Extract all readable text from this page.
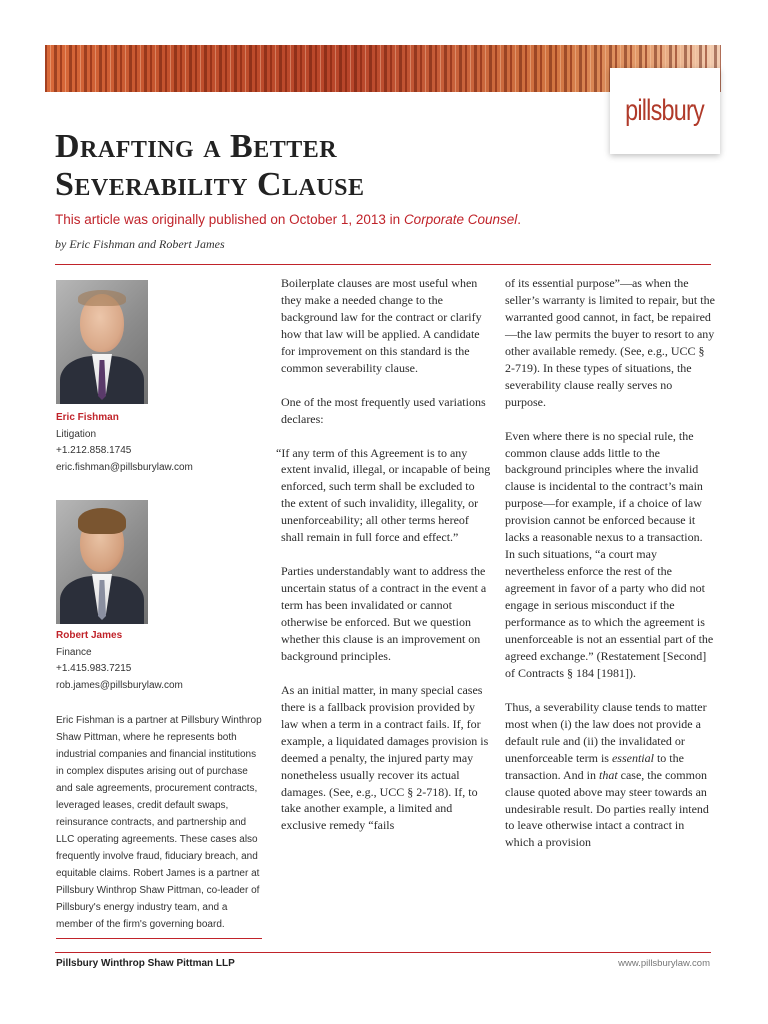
pillsbury
Drafting a Better
Severability Clause
This article was originally published on October 1, 2013 in Corporate Counsel.
by Eric Fishman and Robert James
Eric Fishman
Litigation
+1.212.858.1745
eric.fishman@pillsburylaw.com
Robert James
Finance
+1.415.983.7215
rob.james@pillsburylaw.com
Eric Fishman is a partner at Pillsbury Winthrop Shaw Pittman, where he represents both industrial companies and financial institutions in complex disputes arising out of purchase and sale agreements, procurement contracts, leveraged leases, credit default swaps, reinsurance contracts, and partnership and LLC operating agreements. These cases also frequently involve fraud, fiduciary breach, and equitable claims. Robert James is a partner at Pillsbury Winthrop Shaw Pittman, co-leader of Pillsbury's energy industry team, and a member of the firm's governing board.

Boilerplate clauses are most useful when they make a needed change to the background law for the contract or clarify how that law will be applied. A candidate for improvement on this standard is the common severability clause.

One of the most frequently used variations declares:

“If any term of this Agreement is to any extent invalid, illegal, or incapable of being enforced, such term shall be excluded to the extent of such invalidity, illegality, or unenforceability; all other terms hereof shall remain in full force and effect.”

Parties understandably want to address the uncertain status of a contract in the event a term has been invalidated or cannot otherwise be enforced. But we question whether this clause is an improvement on background principles.

As an initial matter, in many special cases there is a fallback provision provided by law when a term in a contract fails. If, for example, a liquidated damages provision is deemed a penalty, the injured party may nonetheless usually recover its actual damages. (See, e.g., UCC § 2-718). If, to take another example, a limited and exclusive remedy “fails

of its essential purpose”—as when the seller’s warranty is limited to repair, but the warranted good cannot, in fact, be repaired—the law permits the buyer to resort to any other available remedy. (See, e.g., UCC § 2-719). In these types of situations, the severability clause really serves no purpose.

Even where there is no special rule, the common clause adds little to the background principles where the invalid clause is incidental to the contract’s main purpose—for example, if a choice of law provision cannot be enforced because it lacks a reasonable nexus to a transaction. In such situations, “a court may nevertheless enforce the rest of the agreement in favor of a party who did not engage in serious misconduct if the performance as to which the agreement is unenforceable is not an essential part of the agreed exchange.” (Restatement [Second] of Contracts § 184 [1981]).

Thus, a severability clause tends to matter most when (i) the law does not provide a default rule and (ii) the invalidated or unenforceable term is essential to the transaction. And in that case, the common clause quoted above may steer towards an undesirable result. Do parties really intend to leave otherwise intact a contract in which a provision

Pillsbury Winthrop Shaw Pittman LLP	www.pillsburylaw.com
